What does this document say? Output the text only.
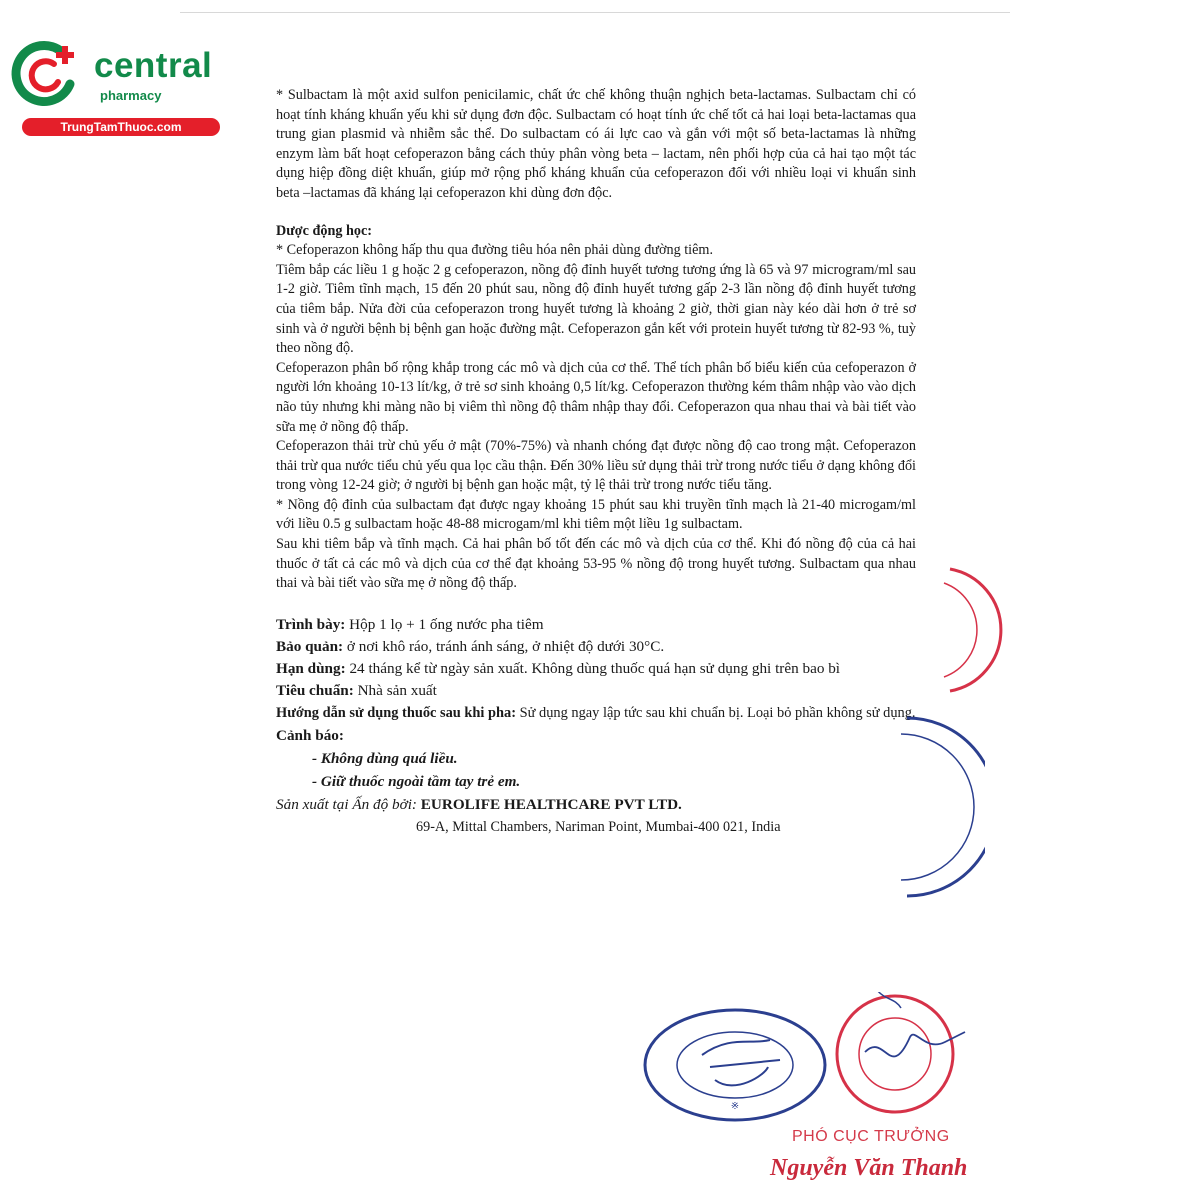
central
pharmacy
TrungTamThuoc.com

* Sulbactam là một axid sulfon penicilamic, chất ức chế không thuận nghịch beta-lactamas. Sulbactam chỉ có hoạt tính kháng khuẩn yếu khi sử dụng đơn độc. Sulbactam có hoạt tính ức chế tốt cả hai loại beta-lactamas qua trung gian plasmid và nhiễm sắc thể. Do sulbactam có ái lực cao và gắn với một số beta-lactamas là những enzym làm bất hoạt cefoperazon bằng cách thủy phân vòng beta – lactam, nên phối hợp của cả hai tạo một tác dụng hiệp đồng diệt khuẩn, giúp mở rộng phổ kháng khuẩn của cefoperazon đối với nhiều loại vi khuẩn sinh beta –lactamas đã kháng lại cefoperazon khi dùng đơn độc.

Dược động học:

* Cefoperazon không hấp thu qua đường tiêu hóa nên phải dùng đường tiêm.

Tiêm bắp các liều 1 g hoặc 2 g cefoperazon, nồng độ đỉnh huyết tương tương ứng là 65 và 97 microgram/ml sau 1-2 giờ. Tiêm tĩnh mạch, 15 đến 20 phút sau, nồng độ đỉnh huyết tương gấp 2-3 lần nồng độ đỉnh huyết tương của tiêm bắp. Nửa đời của cefoperazon trong huyết tương là khoảng 2 giờ, thời gian này kéo dài hơn ở trẻ sơ sinh và ở người bệnh bị bệnh gan hoặc đường mật. Cefoperazon gắn kết với protein huyết tương từ 82-93 %, tuỳ theo nồng độ.

Cefoperazon phân bố rộng khắp trong các mô và dịch của cơ thể. Thể tích phân bố biểu kiến của cefoperazon ở người lớn khoảng 10-13 lít/kg, ở trẻ sơ sinh khoảng 0,5 lít/kg. Cefoperazon thường kém thâm nhập vào vào dịch não tủy nhưng khi màng não bị viêm thì nồng độ thâm nhập thay đổi. Cefoperazon qua nhau thai và bài tiết vào sữa mẹ ở nồng độ thấp.

Cefoperazon thải trừ chủ yếu ở mật (70%-75%) và nhanh chóng đạt được nồng độ cao trong mật. Cefoperazon thải trừ qua nước tiểu chủ yếu qua lọc cầu thận. Đến 30% liều sử dụng thải trừ trong nước tiểu ở dạng không đổi trong vòng 12-24 giờ; ở người bị bệnh gan hoặc mật, tỷ lệ thải trừ trong nước tiểu tăng.

* Nồng độ đỉnh của sulbactam đạt được ngay khoảng 15 phút sau khi truyền tĩnh mạch là 21-40 microgam/ml với liều 0.5 g sulbactam hoặc 48-88 microgam/ml khi tiêm một liều 1g sulbactam.

Sau khi tiêm bắp và tĩnh mạch. Cả hai phân bố tốt đến các mô và dịch của cơ thể. Khi đó nồng độ của cả hai thuốc ở tất cả các mô và dịch của cơ thể đạt khoảng 53-95 % nồng độ trong huyết tương. Sulbactam qua nhau thai và bài tiết vào sữa mẹ ở nồng độ thấp.

Trình bày: Hộp 1 lọ + 1 ống nước pha tiêm

Bảo quản: ở nơi khô ráo, tránh ánh sáng, ở nhiệt độ dưới 30°C.

Hạn dùng: 24 tháng kể từ ngày sản xuất. Không dùng thuốc quá hạn sử dụng ghi trên bao bì

Tiêu chuẩn: Nhà sản xuất

Hướng dẫn sử dụng thuốc sau khi pha: Sử dụng ngay lập tức sau khi chuẩn bị. Loại bỏ phần không sử dụng.

Cảnh báo:

- Không dùng quá liều.

- Giữ thuốc ngoài tầm tay trẻ em.

Sản xuất tại Ấn độ bởi: EUROLIFE HEALTHCARE PVT LTD.

69-A, Mittal Chambers, Nariman Point, Mumbai-400 021, India

※
PHÓ CỤC TRƯỞNG
Nguyễn Văn Thanh
